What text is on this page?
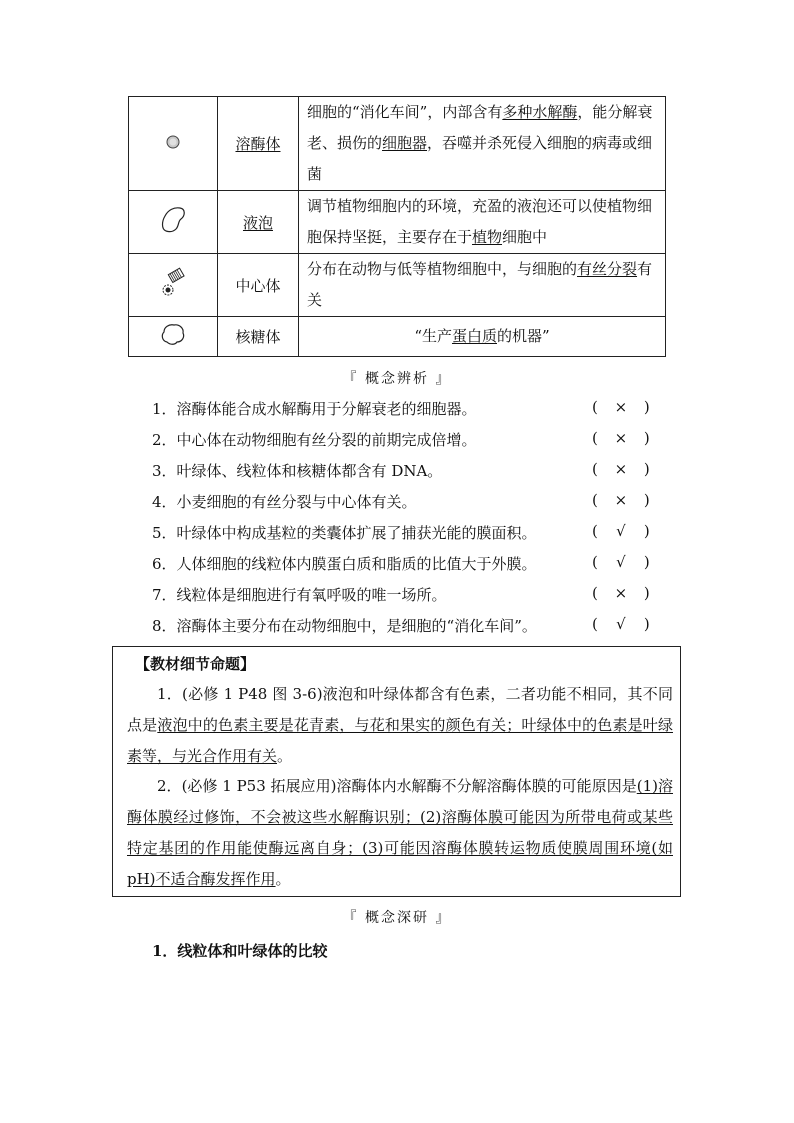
	溶酶体	细胞的“消化车间”，内部含有多种水解酶，能分解衰老、损伤的细胞器，吞噬并杀死侵入细胞的病毒或细菌
	液泡	调节植物细胞内的环境，充盈的液泡还可以使植物细胞保持坚挺，主要存在于植物细胞中
	中心体	分布在动物与低等植物细胞中，与细胞的有丝分裂有关
	核糖体	“生产蛋白质的机器”
『 概念辨析 』
1．溶酶体能合成水解酶用于分解衰老的细胞器。	( × )
2．中心体在动物细胞有丝分裂的前期完成倍增。	( × )
3．叶绿体、线粒体和核糖体都含有 DNA。	( × )
4．小麦细胞的有丝分裂与中心体有关。	( × )
5．叶绿体中构成基粒的类囊体扩展了捕获光能的膜面积。	( √ )
6．人体细胞的线粒体内膜蛋白质和脂质的比值大于外膜。	( √ )
7．线粒体是细胞进行有氧呼吸的唯一场所。	( × )
8．溶酶体主要分布在动物细胞中，是细胞的“消化车间”。	( √ )
【教材细节命题】
1．(必修 1 P48 图 3-6)液泡和叶绿体都含有色素，二者功能不相同，其不同点是液泡中的色素主要是花青素，与花和果实的颜色有关；叶绿体中的色素是叶绿素等，与光合作用有关。
2．(必修 1 P53 拓展应用)溶酶体内水解酶不分解溶酶体膜的可能原因是(1)溶酶体膜经过修饰，不会被这些水解酶识别；(2)溶酶体膜可能因为所带电荷或某些特定基团的作用能使酶远离自身；(3)可能因溶酶体膜转运物质使膜周围环境(如 pH)不适合酶发挥作用。
『 概念深研 』
1．线粒体和叶绿体的比较
